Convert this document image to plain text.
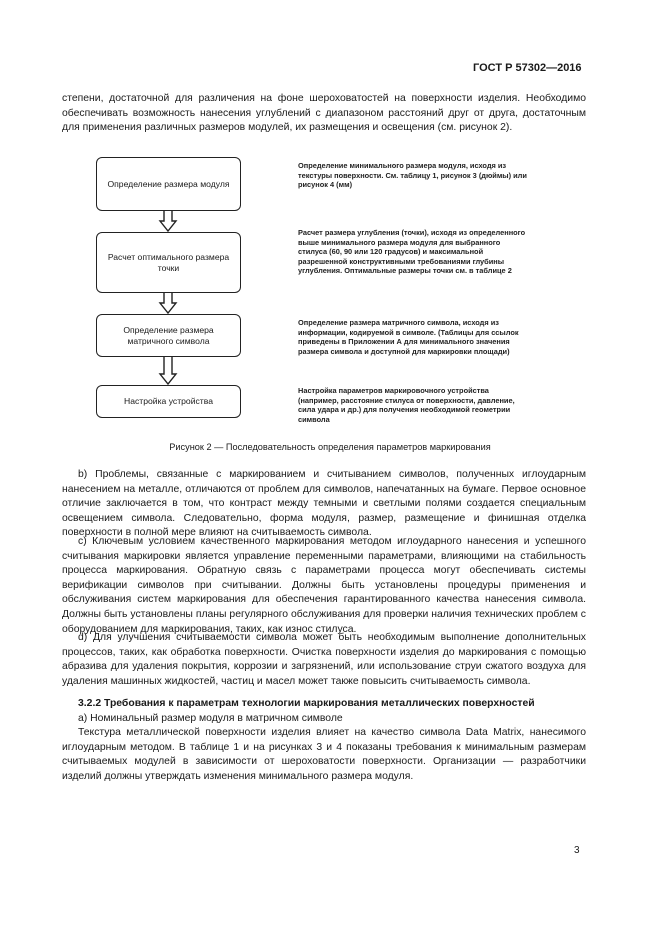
ГОСТ Р 57302—2016
степени, достаточной для различения на фоне шероховатостей на поверхности изделия. Необходимо обеспечивать возможность нанесения углублений с диапазоном расстояний друг от друга, достаточным для применения различных размеров модулей, их размещения и освещения (см. рисунок 2).
Определение размера модуля
Расчет оптимального размера точки
Определение размера матричного символа
Настройка устройства
Определение минимального размера модуля, исходя из текстуры поверхности. См. таблицу 1, рисунок 3 (дюймы) или рисунок 4 (мм)
Расчет размера углубления (точки), исходя из определенного выше минимального размера модуля для выбранного стилуса (60, 90 или 120 градусов) и максимальной разрешенной конструктивными требованиями глубины углубления. Оптимальные размеры точки см. в таблице 2
Определение размера матричного символа, исходя из информации, кодируемой в символе. (Таблицы для ссылок приведены в Приложении А для минимального значения размера символа и доступной для маркировки площади)
Настройка параметров маркировочного устройства (например, расстояние стилуса от поверхности, давление, сила удара и др.) для получения необходимой геометрии символа
Рисунок 2 — Последовательность определения параметров маркирования
b) Проблемы, связанные с маркированием и считыванием символов, полученных иглоударным нанесением на металле, отличаются от проблем для символов, напечатанных на бумаге. Первое основное отличие заключается в том, что контраст между темными и светлыми полями создается специальным освещением символа. Следовательно, форма модуля, размер, размещение и финишная отделка поверхности в полной мере влияют на считываемость символа.
c) Ключевым условием качественного маркирования методом иглоударного нанесения и успешного считывания маркировки является управление переменными параметрами, влияющими на стабильность процесса маркирования. Обратную связь с параметрами процесса могут обеспечивать системы верификации символов при считывании. Должны быть установлены процедуры применения и обслуживания систем маркирования для обеспечения гарантированного качества нанесения символа. Должны быть установлены планы регулярного обслуживания для проверки наличия технических проблем с оборудованием для маркирования, таких, как износ стилуса.
d) Для улучшения считываемости символа может быть необходимым выполнение дополнительных процессов, таких, как обработка поверхности. Очистка поверхности изделия до маркирования с помощью абразива для удаления покрытия, коррозии и загрязнений, или использование струи сжатого воздуха для удаления машинных жидкостей, частиц и масел может также повысить считываемость символа.
3.2.2 Требования к параметрам технологии маркирования металлических поверхностей
а) Номинальный размер модуля в матричном символе
Текстура металлической поверхности изделия влияет на качество символа Data Matrix, нанесимого иглоударным методом. В таблице 1 и на рисунках 3 и 4 показаны требования к минимальным размерам считываемых модулей в зависимости от шероховатости поверхности. Организации — разработчики изделий должны утверждать изменения минимального размера модуля.
3
